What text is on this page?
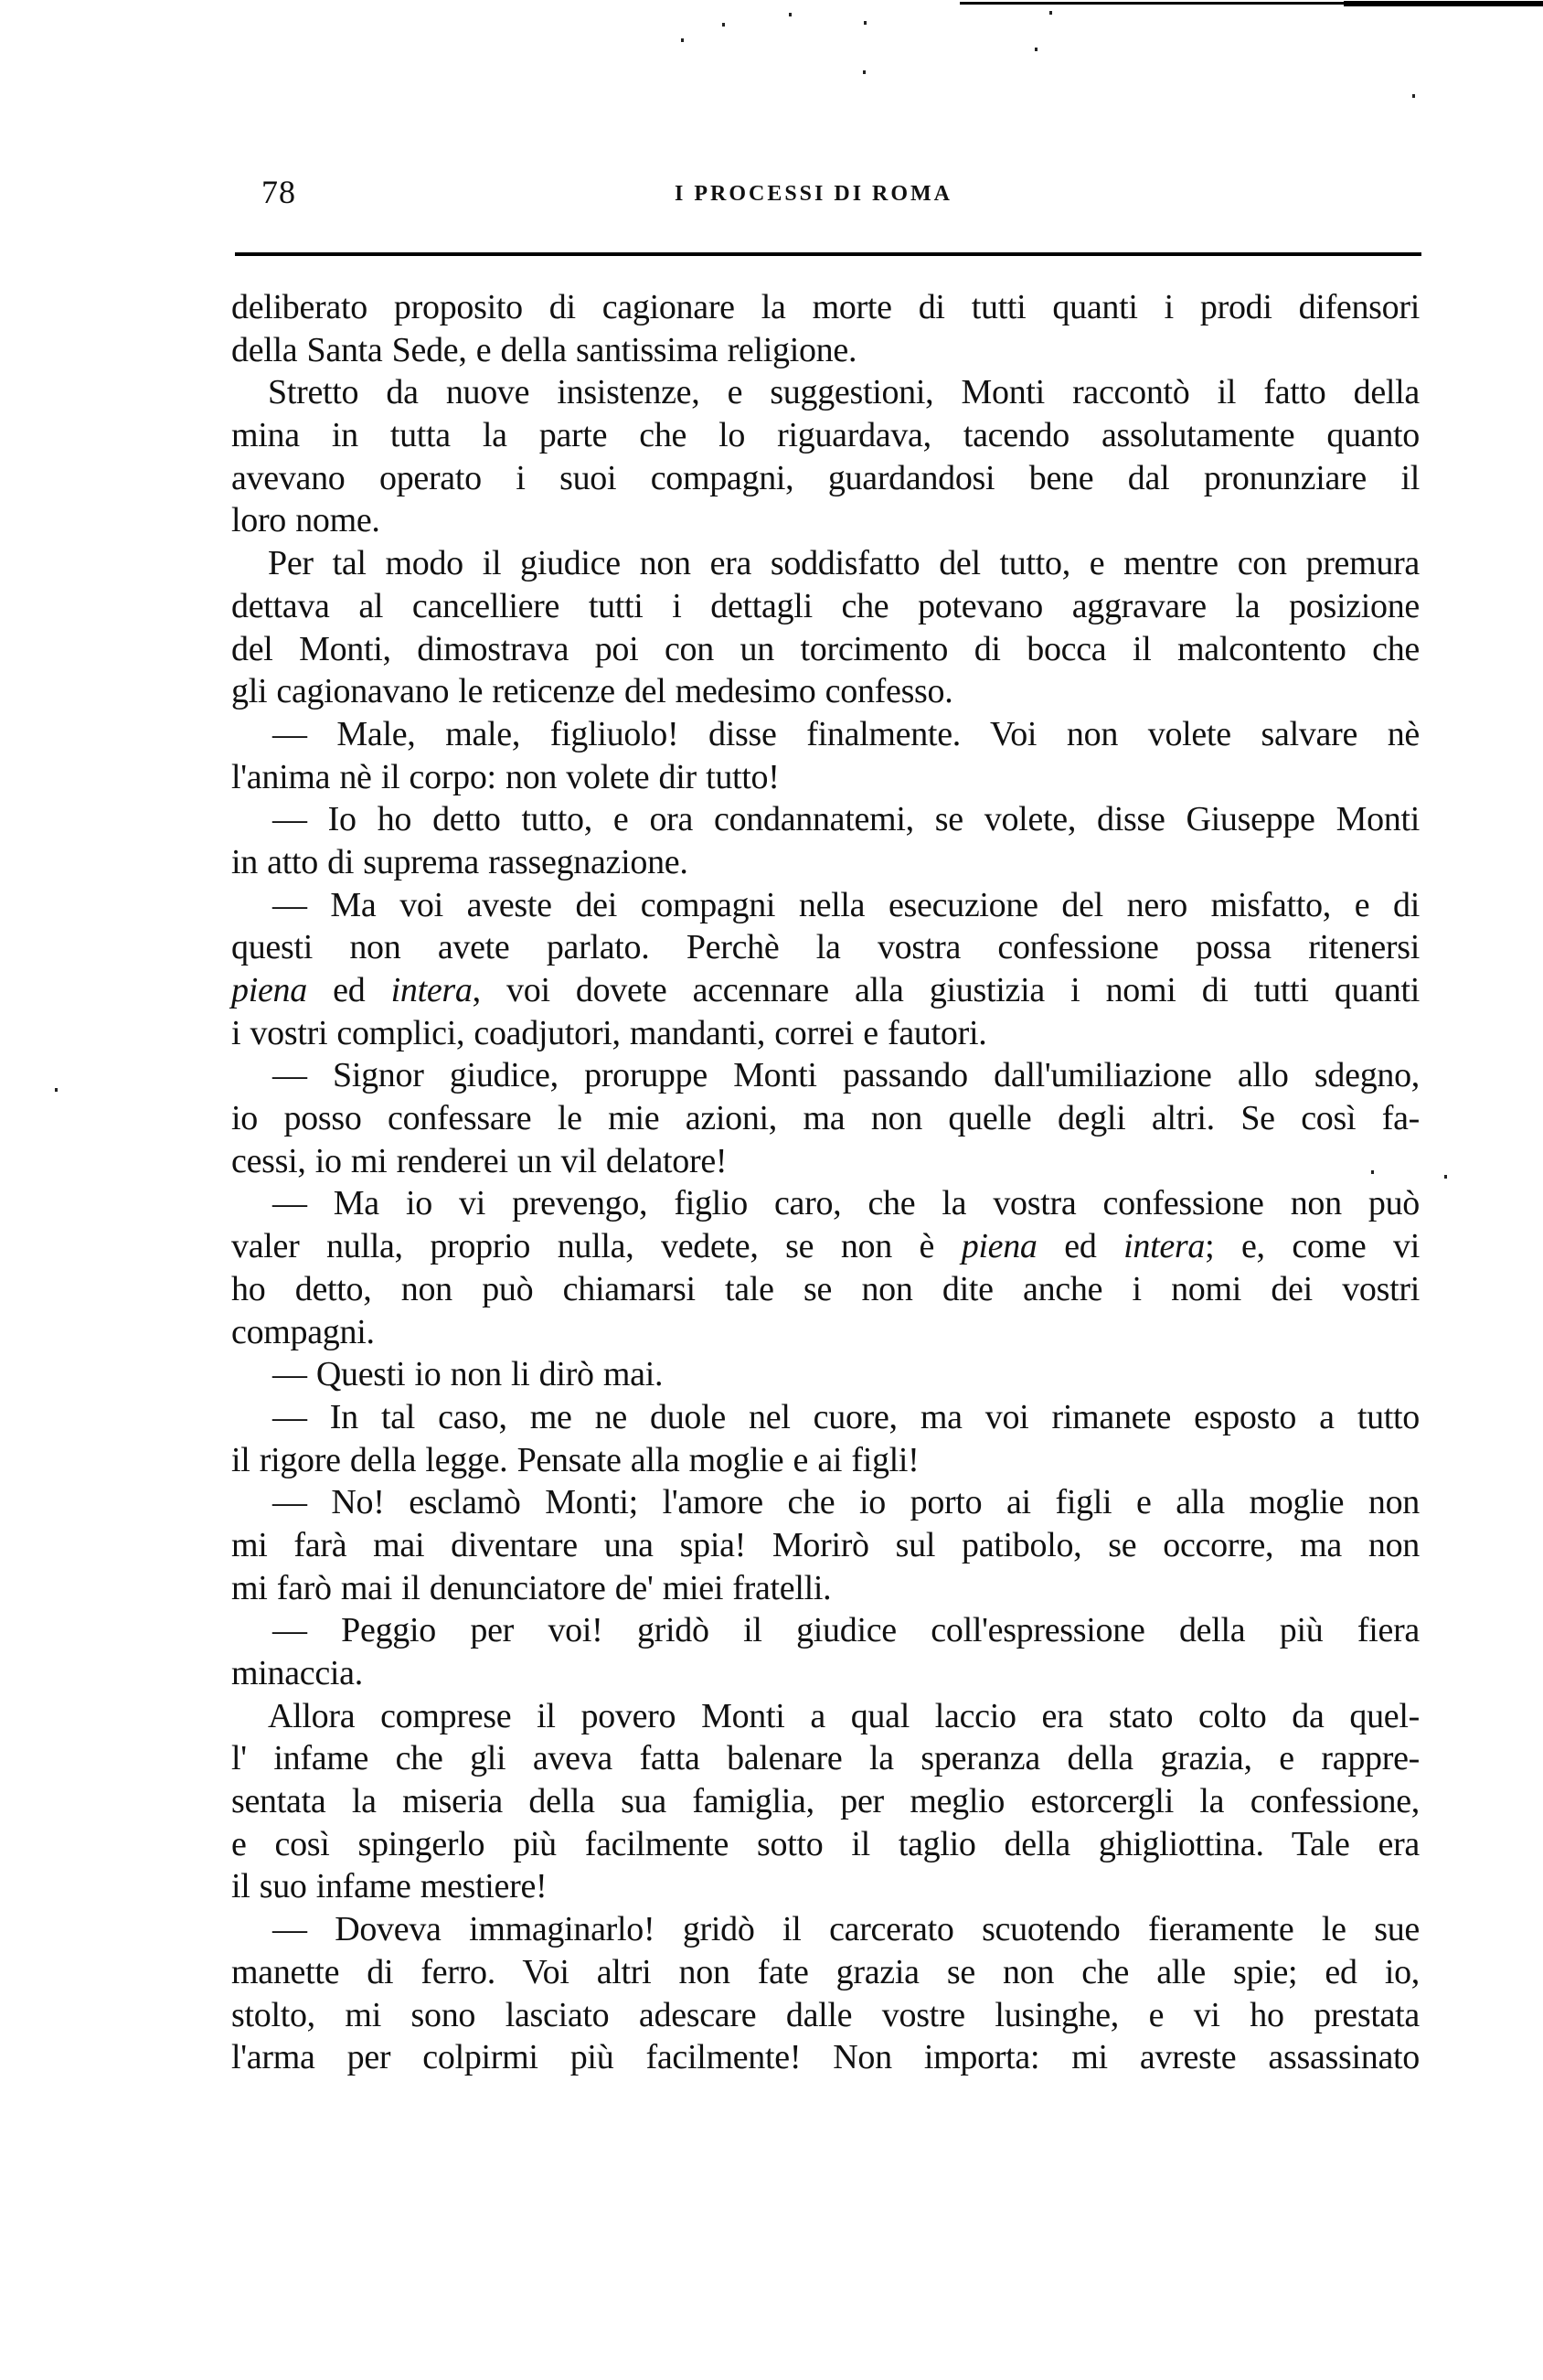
78	I PROCESSI DI ROMA
deliberato proposito di cagionare la morte di tutti quanti i prodi difensori
della Santa Sede, e della santissima religione.
Stretto da nuove insistenze, e suggestioni, Monti raccontò il fatto della
mina in tutta la parte che lo riguardava, tacendo assolutamente quanto
avevano operato i suoi compagni, guardandosi bene dal pronunziare il
loro nome.
Per tal modo il giudice non era soddisfatto del tutto, e mentre con premura
dettava al cancelliere tutti i dettagli che potevano aggravare la posizione
del Monti, dimostrava poi con un torcimento di bocca il malcontento che
gli cagionavano le reticenze del medesimo confesso.
— Male, male, figliuolo! disse finalmente. Voi non volete salvare nè
l'anima nè il corpo: non volete dir tutto!
— Io ho detto tutto, e ora condannatemi, se volete, disse Giuseppe Monti
in atto di suprema rassegnazione.
— Ma voi aveste dei compagni nella esecuzione del nero misfatto, e di
questi non avete parlato. Perchè la vostra confessione possa ritenersi
piena ed intera, voi dovete accennare alla giustizia i nomi di tutti quanti
i vostri complici, coadjutori, mandanti, correi e fautori.
— Signor giudice, proruppe Monti passando dall'umiliazione allo sdegno,
io posso confessare le mie azioni, ma non quelle degli altri. Se così fa-
cessi, io mi renderei un vil delatore!
— Ma io vi prevengo, figlio caro, che la vostra confessione non può
valer nulla, proprio nulla, vedete, se non è piena ed intera; e, come vi
ho detto, non può chiamarsi tale se non dite anche i nomi dei vostri
compagni.
— Questi io non li dirò mai.
— In tal caso, me ne duole nel cuore, ma voi rimanete esposto a tutto
il rigore della legge. Pensate alla moglie e ai figli!
— No! esclamò Monti; l'amore che io porto ai figli e alla moglie non
mi farà mai diventare una spia! Morirò sul patibolo, se occorre, ma non
mi farò mai il denunciatore de' miei fratelli.
— Peggio per voi! gridò il giudice coll'espressione della più fiera
minaccia.
Allora comprese il povero Monti a qual laccio era stato colto da quel-
l' infame che gli aveva fatta balenare la speranza della grazia, e rappre-
sentata la miseria della sua famiglia, per meglio estorcergli la confessione,
e così spingerlo più facilmente sotto il taglio della ghigliottina. Tale era
il suo infame mestiere!
— Doveva immaginarlo! gridò il carcerato scuotendo fieramente le sue
manette di ferro. Voi altri non fate grazia se non che alle spie; ed io,
stolto, mi sono lasciato adescare dalle vostre lusinghe, e vi ho prestata
l'arma per colpirmi più facilmente! Non importa: mi avreste assassinato
